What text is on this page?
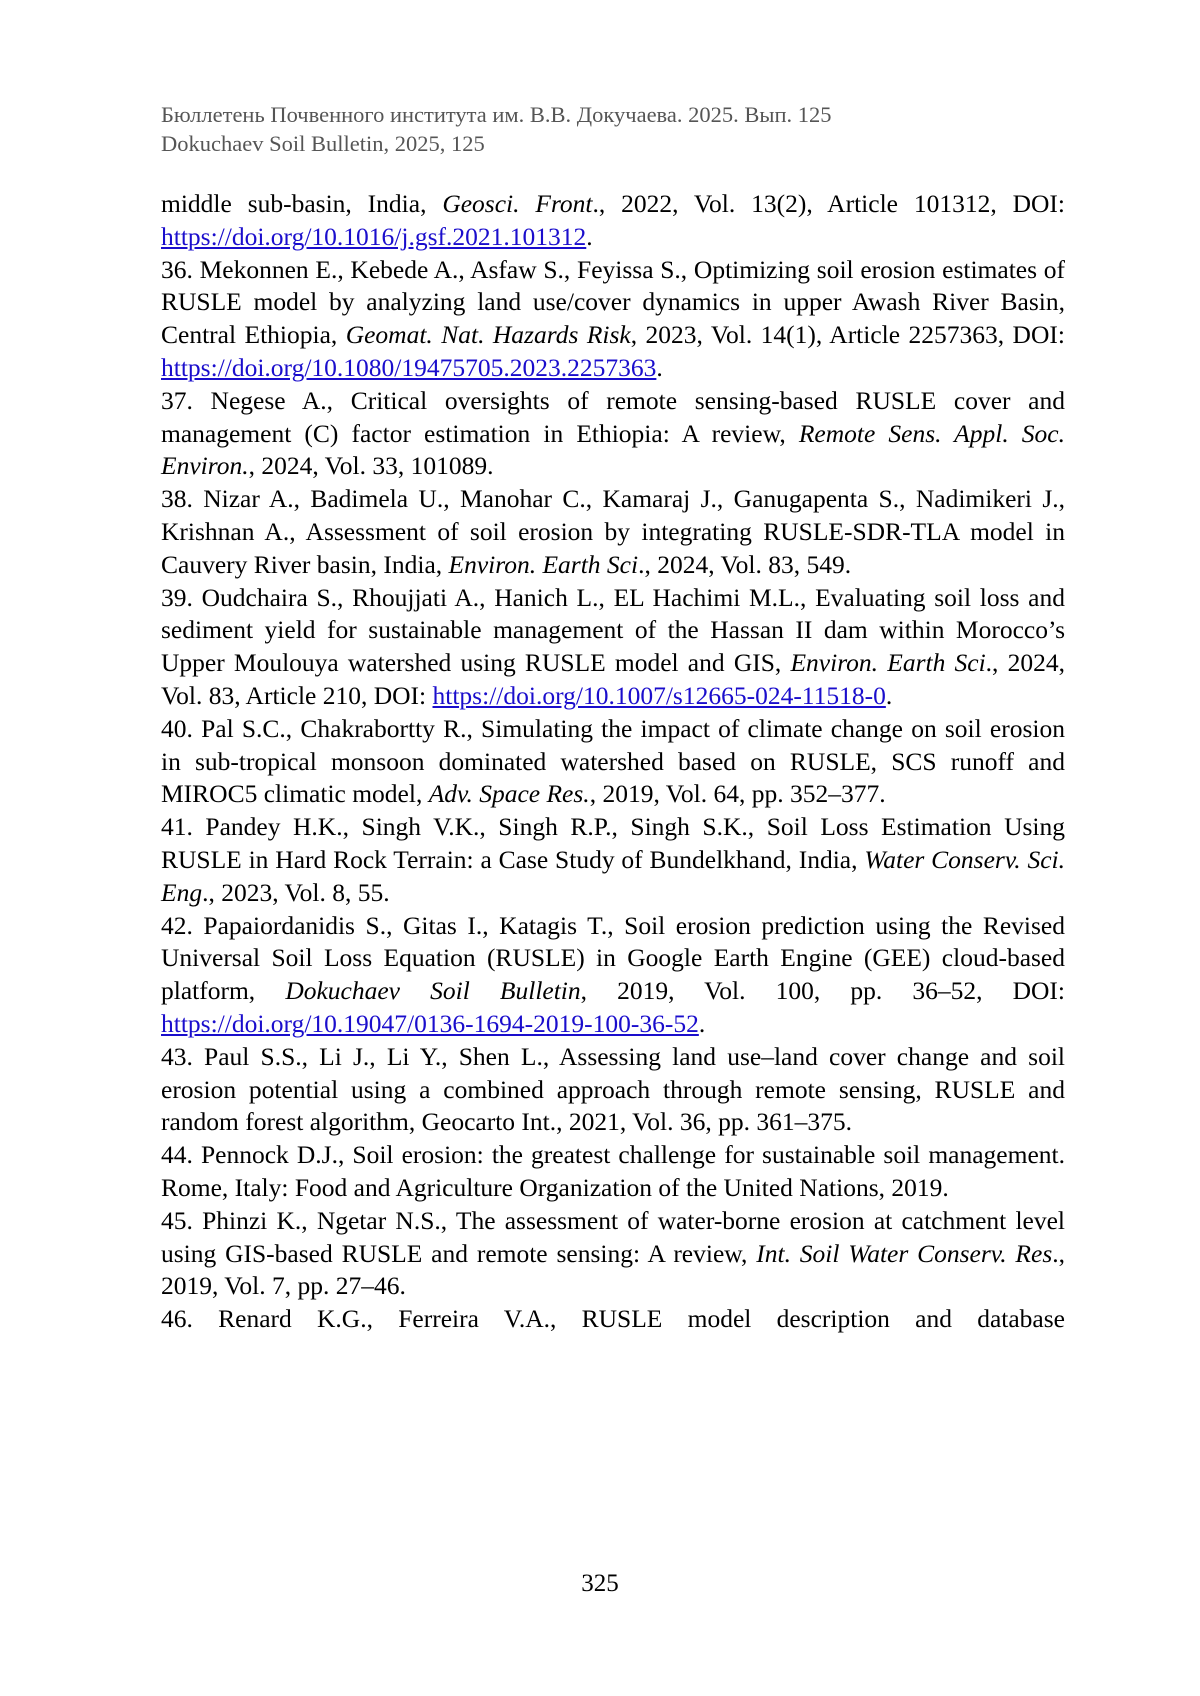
Бюллетень Почвенного института им. В.В. Докучаева. 2025. Вып. 125
Dokuchaev Soil Bulletin, 2025, 125
middle sub-basin, India, Geosci. Front., 2022, Vol. 13(2), Article 101312, DOI: https://doi.org/10.1016/j.gsf.2021.101312.
36. Mekonnen E., Kebede A., Asfaw S., Feyissa S., Optimizing soil erosion estimates of RUSLE model by analyzing land use/cover dynamics in upper Awash River Basin, Central Ethiopia, Geomat. Nat. Hazards Risk, 2023, Vol. 14(1), Article 2257363, DOI: https://doi.org/10.1080/19475705.2023.2257363.
37. Negese A., Critical oversights of remote sensing-based RUSLE cover and management (C) factor estimation in Ethiopia: A review, Remote Sens. Appl. Soc. Environ., 2024, Vol. 33, 101089.
38. Nizar A., Badimela U., Manohar C., Kamaraj J., Ganugapenta S., Nadimikeri J., Krishnan A., Assessment of soil erosion by integrating RUSLE-SDR-TLA model in Cauvery River basin, India, Environ. Earth Sci., 2024, Vol. 83, 549.
39. Oudchaira S., Rhoujjati A., Hanich L., EL Hachimi M.L., Evaluating soil loss and sediment yield for sustainable management of the Hassan II dam within Morocco’s Upper Moulouya watershed using RUSLE model and GIS, Environ. Earth Sci., 2024, Vol. 83, Article 210, DOI: https://doi.org/10.1007/s12665-024-11518-0.
40. Pal S.C., Chakrabortty R., Simulating the impact of climate change on soil erosion in sub-tropical monsoon dominated watershed based on RUSLE, SCS runoff and MIROC5 climatic model, Adv. Space Res., 2019, Vol. 64, pp. 352–377.
41. Pandey H.K., Singh V.K., Singh R.P., Singh S.K., Soil Loss Estimation Using RUSLE in Hard Rock Terrain: a Case Study of Bundelkhand, India, Water Conserv. Sci. Eng., 2023, Vol. 8, 55.
42. Papaiordanidis S., Gitas I., Katagis T., Soil erosion prediction using the Revised Universal Soil Loss Equation (RUSLE) in Google Earth Engine (GEE) cloud-based platform, Dokuchaev Soil Bulletin, 2019, Vol. 100, pp. 36–52, DOI: https://doi.org/10.19047/0136-1694-2019-100-36-52.
43. Paul S.S., Li J., Li Y., Shen L., Assessing land use–land cover change and soil erosion potential using a combined approach through remote sensing, RUSLE and random forest algorithm, Geocarto Int., 2021, Vol. 36, pp. 361–375.
44. Pennock D.J., Soil erosion: the greatest challenge for sustainable soil management. Rome, Italy: Food and Agriculture Organization of the United Nations, 2019.
45. Phinzi K., Ngetar N.S., The assessment of water-borne erosion at catchment level using GIS-based RUSLE and remote sensing: A review, Int. Soil Water Conserv. Res., 2019, Vol. 7, pp. 27–46.
46. Renard K.G., Ferreira V.A., RUSLE model description and database
325
